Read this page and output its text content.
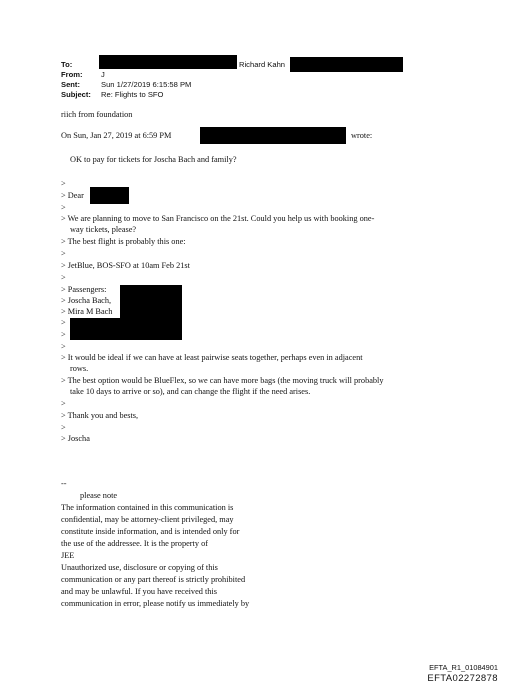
To:	Richard Kahn
From: J
Sent:	Sun 1/27/2019 6:15:58 PM
Subject: Re: Flights to SFO
riich from foundation
On Sun, Jan 27, 2019 at 6:59 PM	wrote:
OK to pay for tickets for Joscha Bach and family?
>
> Dear
>
> We are planning to move to San Francisco on the 21st. Could you help us with booking one-
way tickets, please?
> The best flight is probably this one:
>
> JetBlue, BOS-SFO at 10am Feb 21st
>
> Passengers:
> Joscha Bach,
> Mira M Bach
>
>
>
> It would be ideal if we can have at least pairwise seats together, perhaps even in adjacent
rows.
> The best option would be BlueFlex, so we can have more bags (the moving truck will probably
take 10 days to arrive or so), and can change the flight if the need arises.
>
> Thank you and bests,
>
> Joscha
--
please note
The information contained in this communication is
confidential, may be attorney-client privileged, may
constitute inside information, and is intended only for
the use of the addressee. It is the property of
JEE
Unauthorized use, disclosure or copying of this
communication or any part thereof is strictly prohibited
and may be unlawful. If you have received this
communication in error, please notify us immediately by
EFTA_R1_01084901
EFTA02272878
